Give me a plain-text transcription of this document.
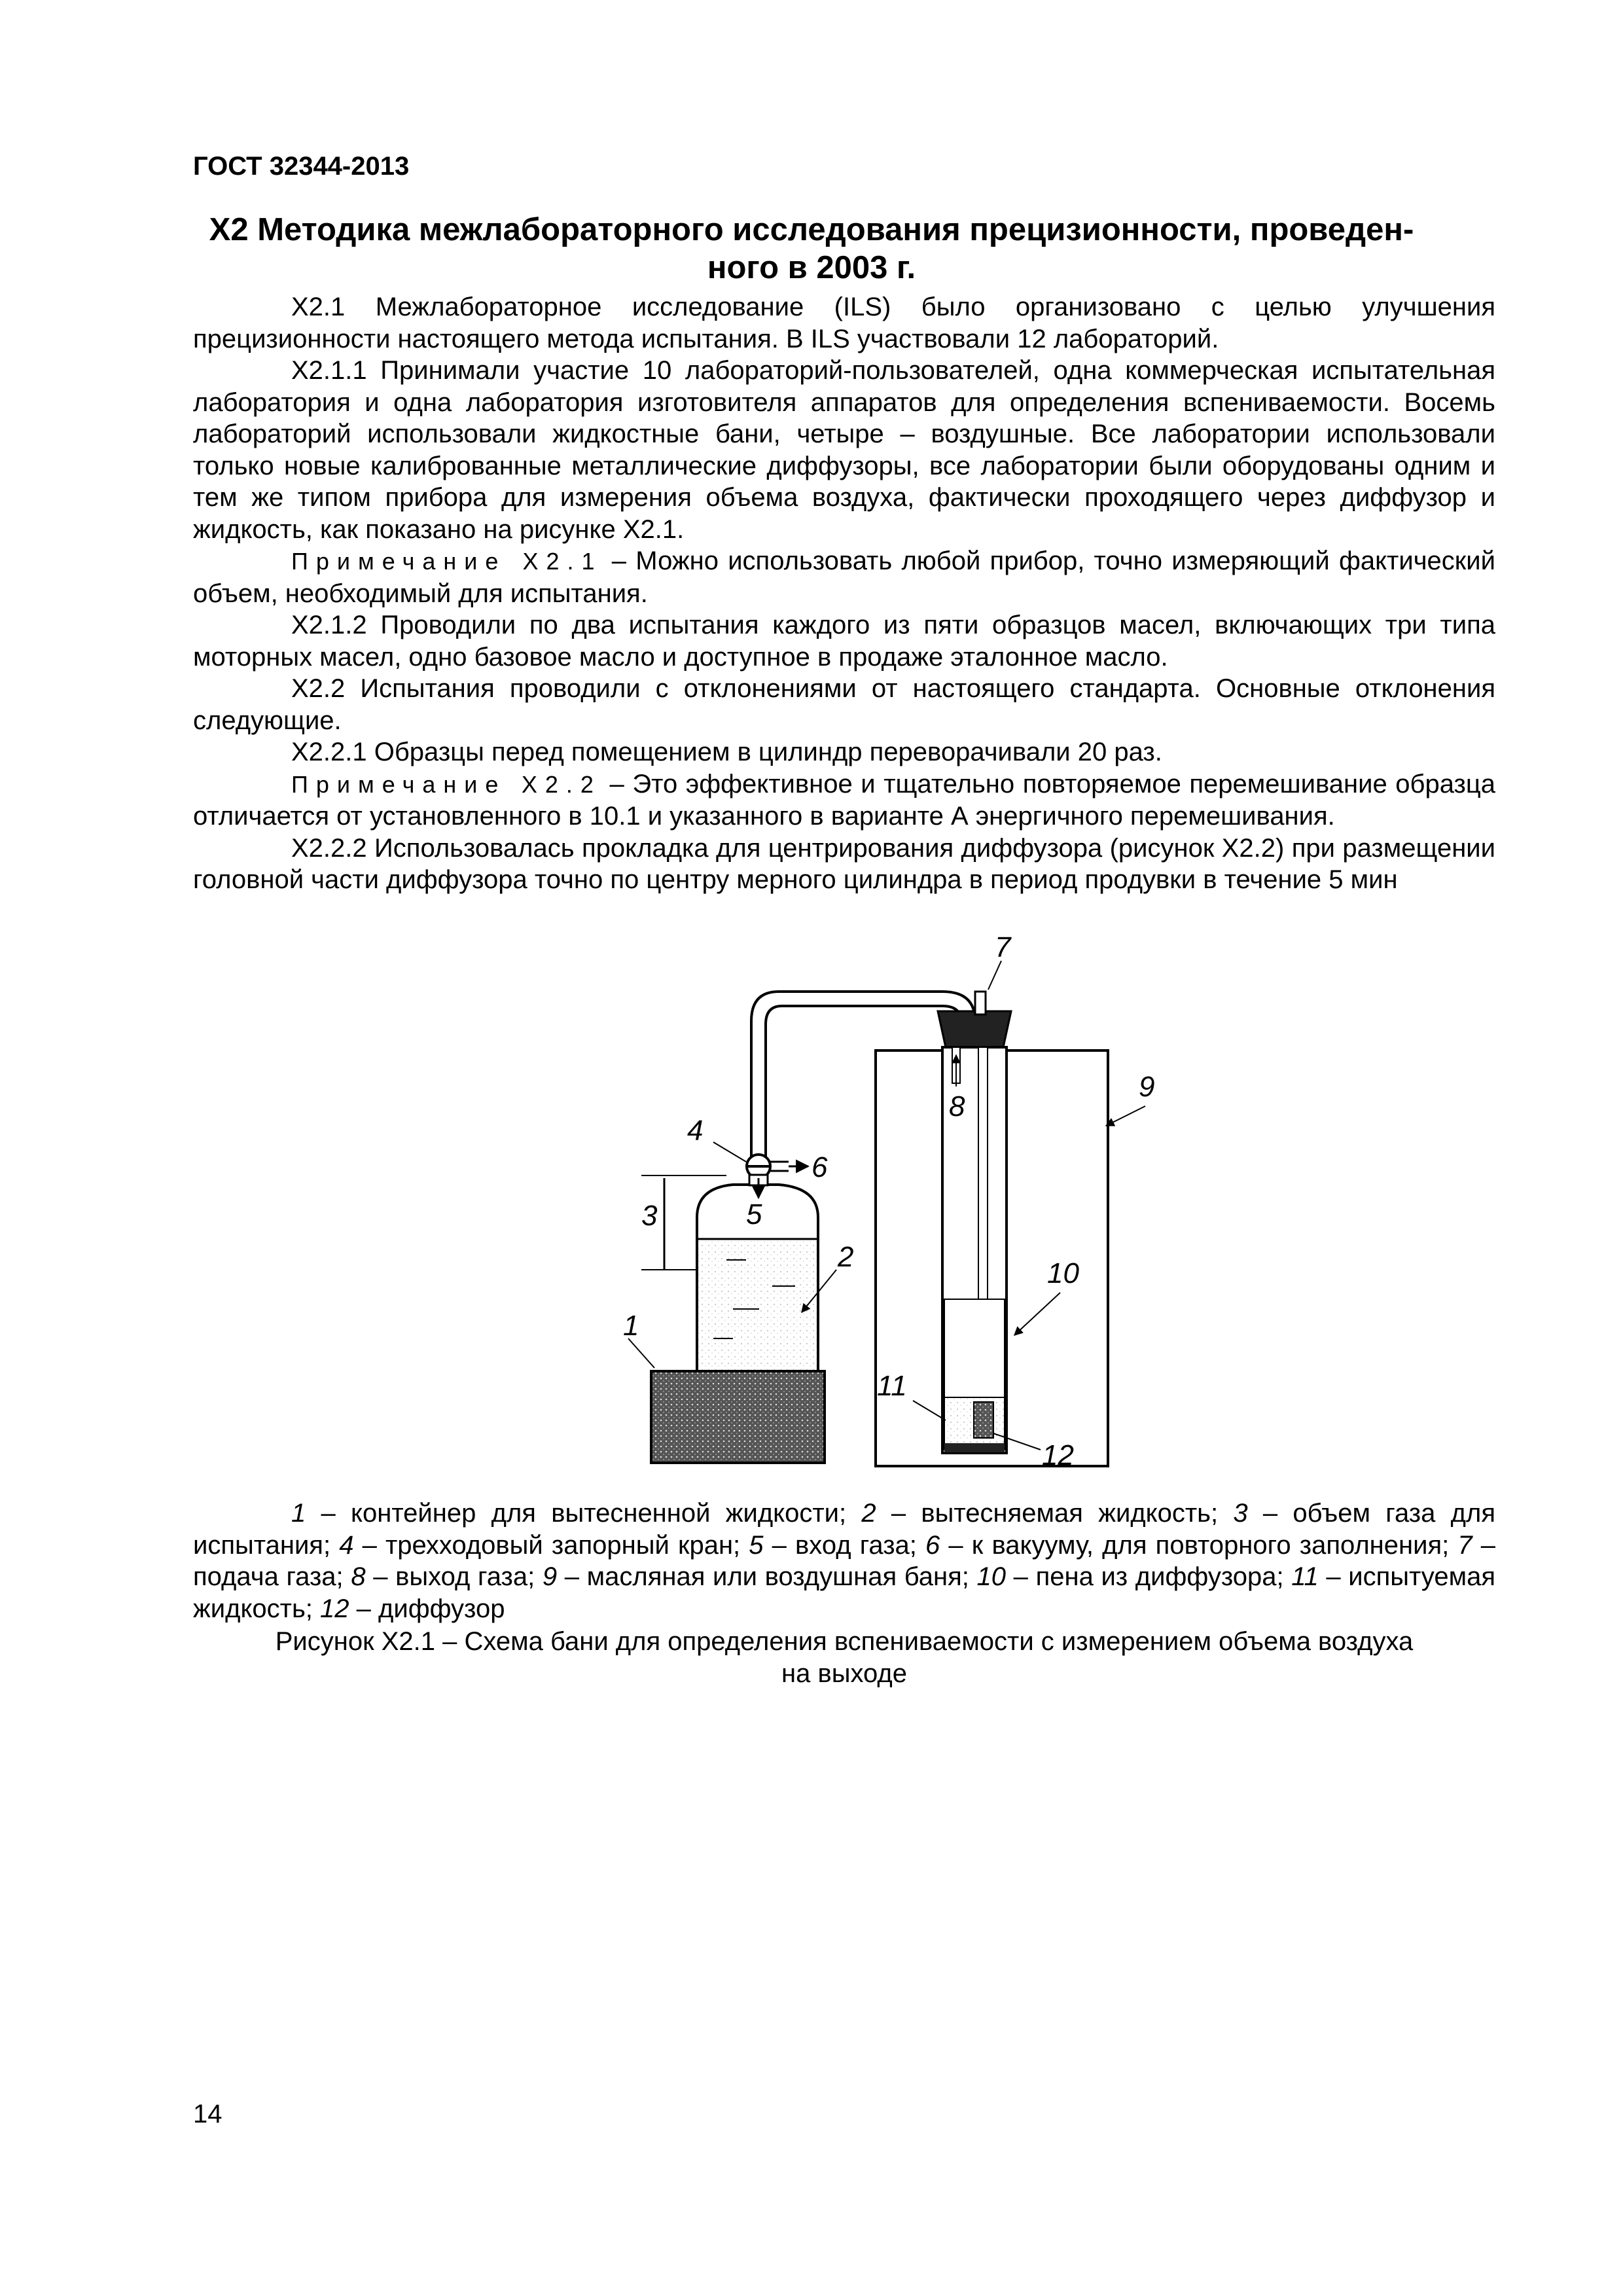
ГОСТ 32344-2013
X2 Методика межлабораторного исследования прецизионности, проведен-
ного в 2003 г.

X2.1 Межлабораторное исследование (ILS) было организовано с целью улучшения прецизионности настоящего метода испытания. В ILS участвовали 12 лабораторий.

X2.1.1 Принимали участие 10 лабораторий-пользователей, одна коммерческая испытательная лаборатория и одна лаборатория изготовителя аппаратов для определения вспениваемости. Восемь лабораторий использовали жидкостные бани, четыре – воздушные. Все лаборатории использовали только новые калиброванные металлические диффузоры, все лаборатории были оборудованы одним и тем же типом прибора для измерения объема воздуха, фактически проходящего через диффузор и жидкость, как показано на рисунке X2.1.

Примечание X2.1 – Можно использовать любой прибор, точно измеряющий фактический объем, необходимый для испытания.

X2.1.2 Проводили по два испытания каждого из пяти образцов масел, включающих три типа моторных масел, одно базовое масло и доступное в продаже эталонное масло.

X2.2 Испытания проводили с отклонениями от настоящего стандарта. Основные отклонения следующие.

X2.2.1 Образцы перед помещением в цилиндр переворачивали 20 раз.

Примечание X2.2 – Это эффективное и тщательно повторяемое перемешивание образца отличается от установленного в 10.1 и указанного в варианте А энергичного перемешивания.

X2.2.2 Использовалась прокладка для центрирования диффузора (рисунок X2.2) при размещении головной части диффузора точно по центру мерного цилиндра в период продувки в течение 5 мин

1
2
3
4
5
6
7
8
9
10
11
12
1 – контейнер для вытесненной жидкости; 2 – вытесняемая жидкость; 3 – объем газа для испытания; 4 – трехходовый запорный кран; 5 – вход газа; 6 – к вакууму, для повторного заполнения; 7 – подача газа; 8 – выход газа; 9 – масляная или воздушная баня; 10 – пена из диффузора; 11 – испытуемая жидкость; 12 – диффузор
Рисунок X2.1 – Схема бани для определения вспениваемости с измерением объема воздуха
на выходе
14
